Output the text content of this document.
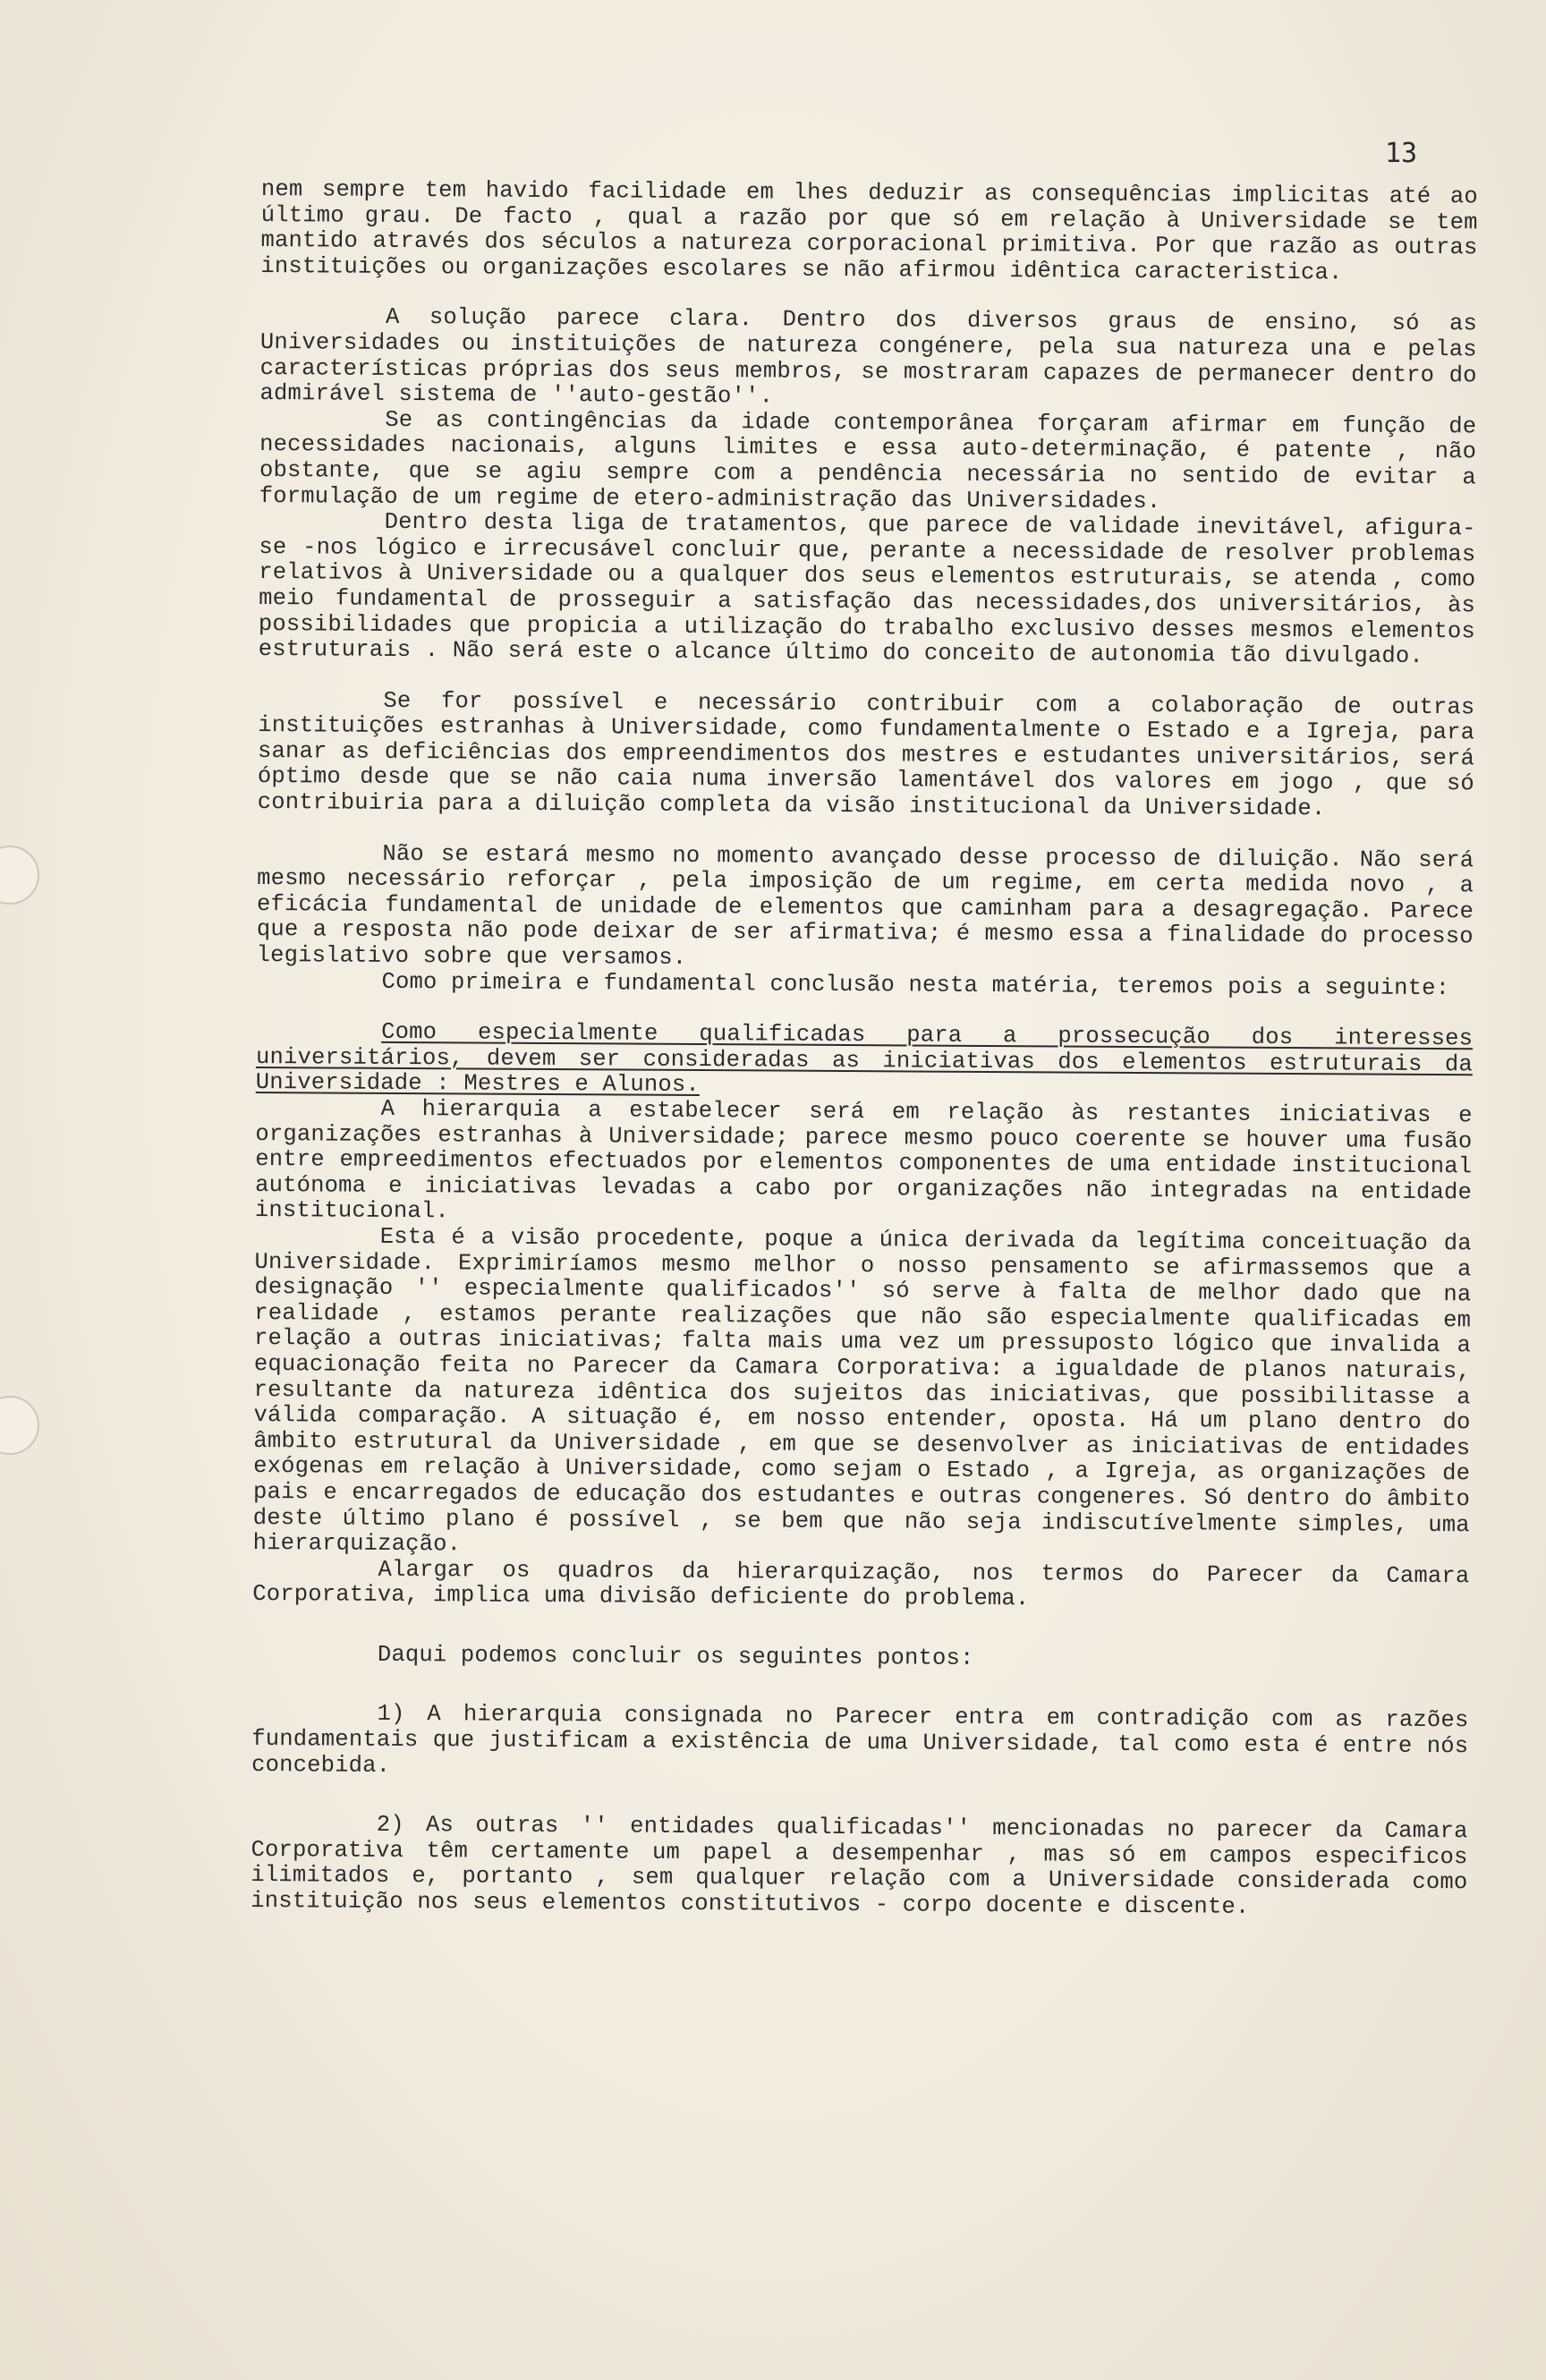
13

nem sempre tem havido facilidade em lhes deduzir as consequências implicitas até ao último grau. De facto , qual a razão por que só em relação à Universidade se tem mantido através dos séculos a natureza corporacional primitiva. Por que razão as outras instituições ou organizações escolares se não afirmou idêntica caracteristica.

A solução parece clara. Dentro dos diversos graus de ensino, só as Universidades ou instituições de natureza congénere, pela sua natureza una e pelas características próprias dos seus membros, se mostraram capazes de permanecer dentro do admirável sistema de ''auto-gestão''.

Se as contingências da idade contemporânea forçaram afirmar em função de necessidades nacionais, alguns limites e essa auto-determinação, é patente , não obstante, que se agiu sempre com a pendência necessária no sentido de evitar a formulação de um regime de etero-administração das Universidades.

Dentro desta liga de tratamentos, que parece de validade inevitável, afigura-se -nos lógico e irrecusável concluir que, perante a necessidade de resolver problemas relativos à Universidade ou a qualquer dos seus elementos estruturais, se atenda , como meio fundamental de prosseguir a satisfação das necessidades,dos universitários, às possibilidades que propicia a utilização do trabalho exclusivo desses mesmos elementos estruturais . Não será este o alcance último do conceito de autonomia tão divulgado.

Se for possível e necessário contribuir com a colaboração de outras instituições estranhas à Universidade, como fundamentalmente o Estado e a Igreja, para sanar as deficiências dos empreendimentos dos mestres e estudantes universitários, será óptimo desde que se não caia numa inversão lamentável dos valores em jogo , que só contribuiria para a diluição completa da visão institucional da Universidade.

Não se estará mesmo no momento avançado desse processo de diluição. Não será mesmo necessário reforçar , pela imposição de um regime, em certa medida novo , a eficácia fundamental de unidade de elementos que caminham para a desagregação. Parece que a resposta não pode deixar de ser afirmativa; é mesmo essa a finalidade do processo legislativo sobre que versamos.

Como primeira e fundamental conclusão nesta matéria, teremos pois a seguinte:

Como especialmente qualificadas para a prossecução dos interesses universitários, devem ser consideradas as iniciativas dos elementos estruturais da Universidade : Mestres e Alunos.

A hierarquia a estabelecer será em relação às restantes iniciativas e organizações estranhas à Universidade; parece mesmo pouco coerente se houver uma fusão entre empreedimentos efectuados por elementos componentes de uma entidade institucional autónoma e iniciativas levadas a cabo por organizações não integradas na entidade institucional.

Esta é a visão procedente, poque a única derivada da legítima conceituação da Universidade. Exprimiríamos mesmo melhor o nosso pensamento se afirmassemos que a designação '' especialmente qualificados'' só serve à falta de melhor dado que na realidade , estamos perante realizações que não são especialmente qualificadas em relação a outras iniciativas; falta mais uma vez um pressuposto lógico que invalida a equacionação feita no Parecer da Camara Corporativa: a igualdade de planos naturais, resultante da natureza idêntica dos sujeitos das iniciativas, que possibilitasse a válida comparação. A situação é, em nosso entender, oposta. Há um plano dentro do âmbito estrutural da Universidade , em que se desenvolver as iniciativas de entidades exógenas em relação à Universidade, como sejam o Estado , a Igreja, as organizações de pais e encarregados de educação dos estudantes e outras congeneres. Só dentro do âmbito deste último plano é possível , se bem que não seja indiscutívelmente simples, uma hierarquização.

Alargar os quadros da hierarquização, nos termos do Parecer da Camara Corporativa, implica uma divisão deficiente do problema.

Daqui podemos concluir os seguintes pontos:

1) A hierarquia consignada no Parecer entra em contradição com as razões fundamentais que justificam a existência de uma Universidade, tal como esta é entre nós concebida.

2) As outras '' entidades qualificadas'' mencionadas no parecer da Camara Corporativa têm certamente um papel a desempenhar , mas só em campos especificos ilimitados e, portanto , sem qualquer relação com a Universidade considerada como instituição nos seus elementos constitutivos - corpo docente e discente.
